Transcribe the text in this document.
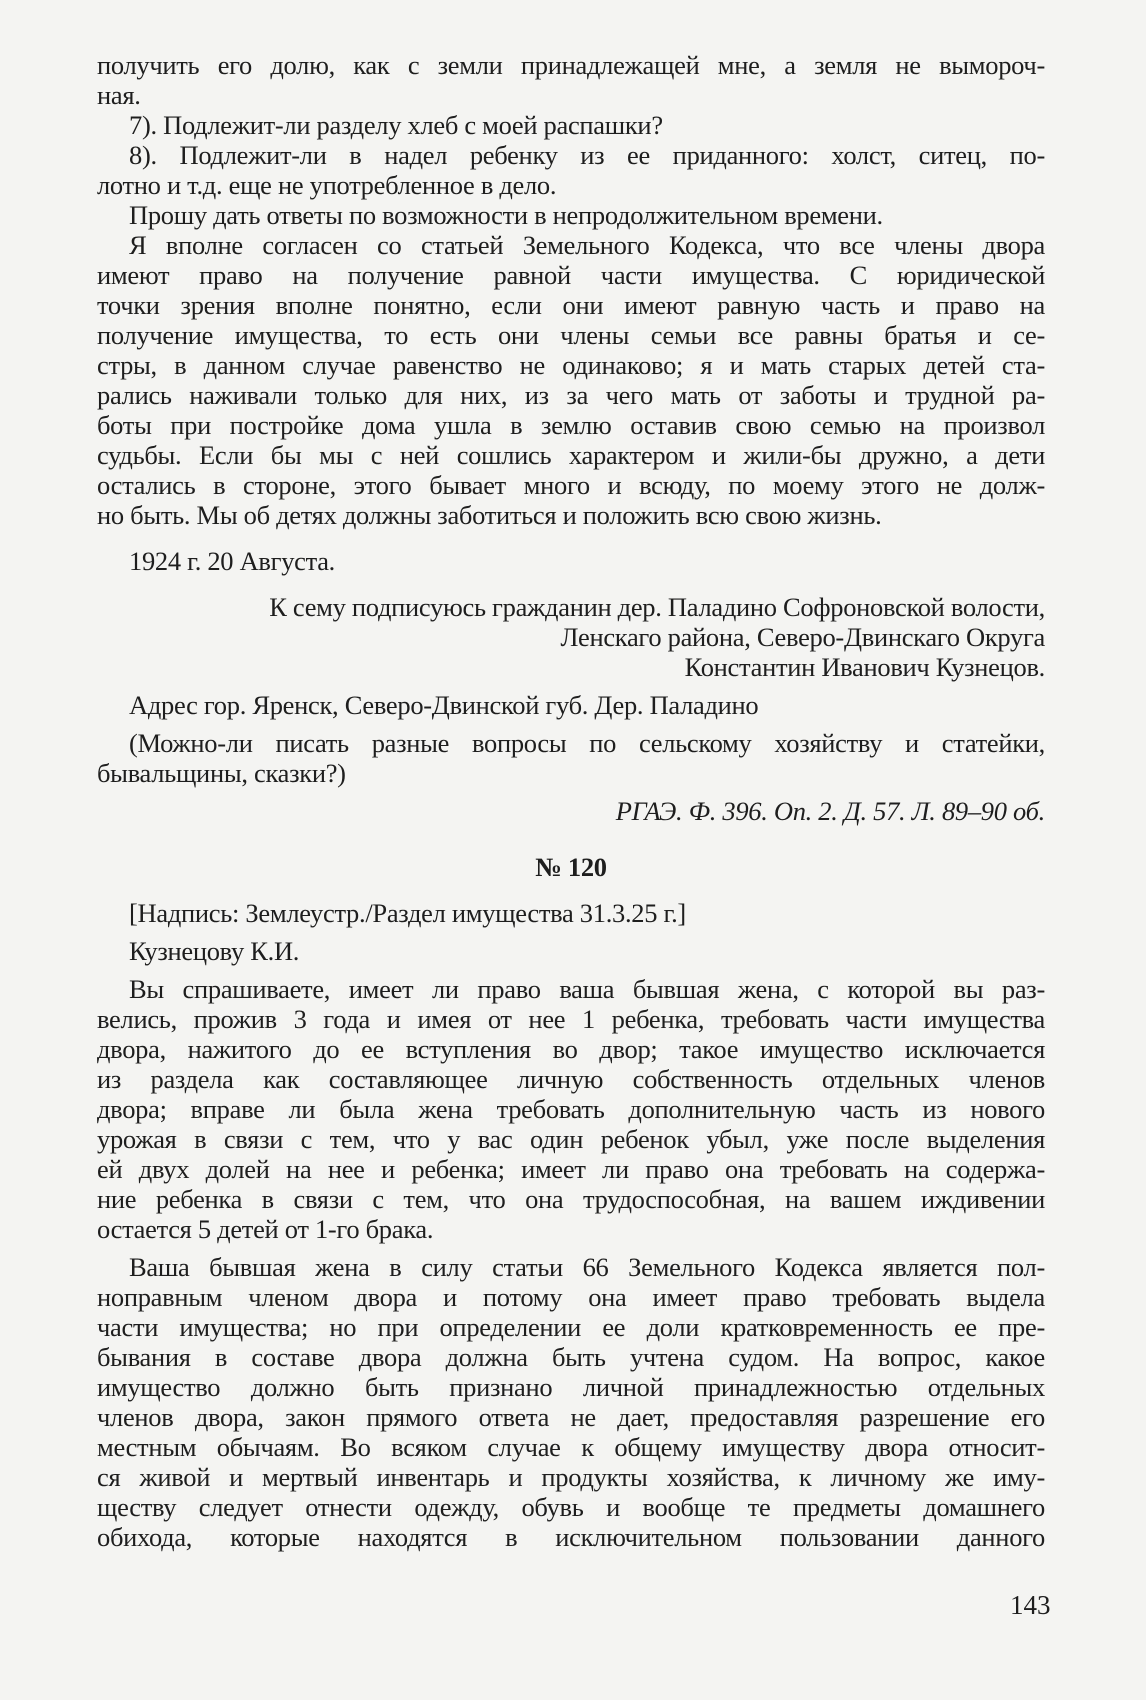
получить его долю, как с земли принадлежащей мне, а земля не вымороч-
ная.
7). Подлежит-ли разделу хлеб с моей распашки?
8). Подлежит-ли в надел ребенку из ее приданного: холст, ситец, по-
лотно и т.д. еще не употребленное в дело.
Прошу дать ответы по возможности в непродолжительном времени.
Я вполне согласен со статьей Земельного Кодекса, что все члены двора
имеют право на получение равной части имущества. С юридической
точки зрения вполне понятно, если они имеют равную часть и право на
получение имущества, то есть они члены семьи все равны братья и се-
стры, в данном случае равенство не одинаково; я и мать старых детей ста-
рались наживали только для них, из за чего мать от заботы и трудной ра-
боты при постройке дома ушла в землю оставив свою семью на произвол
судьбы. Если бы мы с ней сошлись характером и жили-бы дружно, а дети
остались в стороне, этого бывает много и всюду, по моему этого не долж-
но быть. Мы об детях должны заботиться и положить всю свою жизнь.
1924 г. 20 Августа.
К сему подписуюсь гражданин дер. Паладино Софроновской волости,
Ленскаго района, Северо-Двинскаго Округа
Константин Иванович Кузнецов.
Адрес гор. Яренск, Северо-Двинской губ. Дер. Паладино
(Можно-ли писать разные вопросы по сельскому хозяйству и статейки,
бывальщины, сказки?)
РГАЭ. Ф. 396. Оп. 2. Д. 57. Л. 89–90 об.
№ 120
[Надпись: Землеустр./Раздел имущества 31.3.25 г.]
Кузнецову К.И.
Вы спрашиваете, имеет ли право ваша бывшая жена, с которой вы раз-
велись, прожив 3 года и имея от нее 1 ребенка, требовать части имущества
двора, нажитого до ее вступления во двор; такое имущество исключается
из раздела как составляющее личную собственность отдельных членов
двора; вправе ли была жена требовать дополнительную часть из нового
урожая в связи с тем, что у вас один ребенок убыл, уже после выделения
ей двух долей на нее и ребенка; имеет ли право она требовать на содержа-
ние ребенка в связи с тем, что она трудоспособная, на вашем иждивении
остается 5 детей от 1-го брака.
Ваша бывшая жена в силу статьи 66 Земельного Кодекса является пол-
ноправным членом двора и потому она имеет право требовать выдела
части имущества; но при определении ее доли кратковременность ее пре-
бывания в составе двора должна быть учтена судом. На вопрос, какое
имущество должно быть признано личной принадлежностью отдельных
членов двора, закон прямого ответа не дает, предоставляя разрешение его
местным обычаям. Во всяком случае к общему имуществу двора относит-
ся живой и мертвый инвентарь и продукты хозяйства, к личному же иму-
ществу следует отнести одежду, обувь и вообще те предметы домашнего
обихода, которые находятся в исключительном пользовании данного
143
